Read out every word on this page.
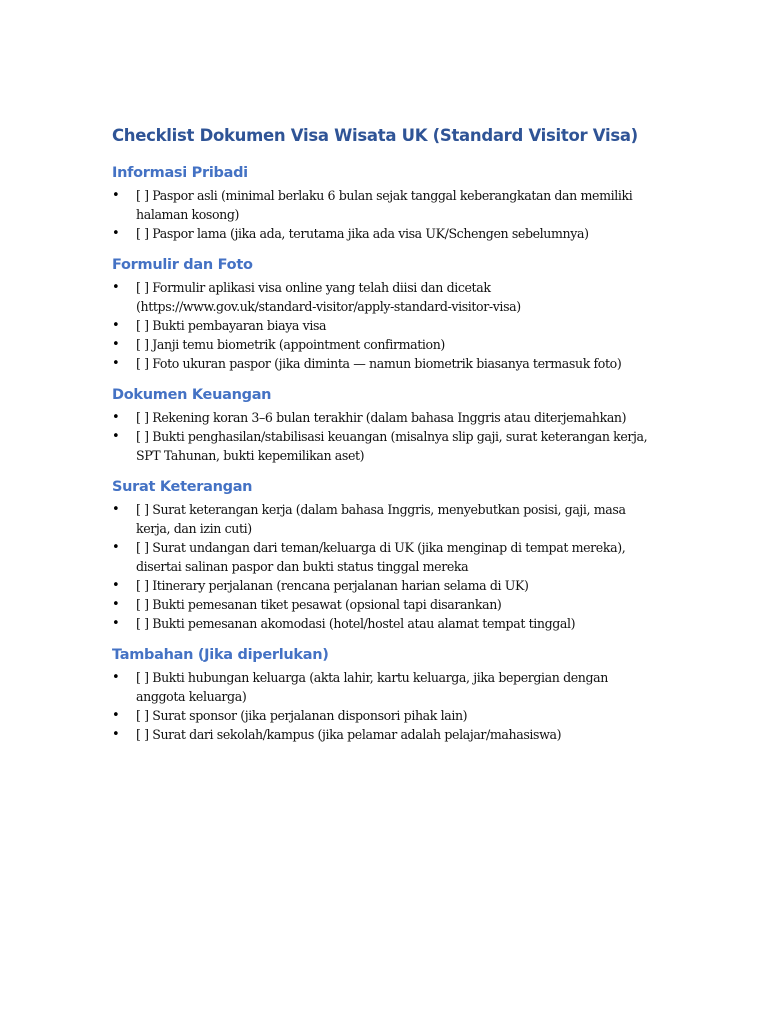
Checklist Dokumen Visa Wisata UK (Standard Visitor Visa)
Informasi Pribadi
• [ ] Paspor asli (minimal berlaku 6 bulan sejak tanggal keberangkatan dan memiliki halaman kosong)
• [ ] Paspor lama (jika ada, terutama jika ada visa UK/Schengen sebelumnya)
Formulir dan Foto
• [ ] Formulir aplikasi visa online yang telah diisi dan dicetak (https://www.gov.uk/standard-visitor/apply-standard-visitor-visa)
• [ ] Bukti pembayaran biaya visa
• [ ] Janji temu biometrik (appointment confirmation)
• [ ] Foto ukuran paspor (jika diminta — namun biometrik biasanya termasuk foto)
Dokumen Keuangan
• [ ] Rekening koran 3–6 bulan terakhir (dalam bahasa Inggris atau diterjemahkan)
• [ ] Bukti penghasilan/stabilisasi keuangan (misalnya slip gaji, surat keterangan kerja, SPT Tahunan, bukti kepemilikan aset)
Surat Keterangan
• [ ] Surat keterangan kerja (dalam bahasa Inggris, menyebutkan posisi, gaji, masa kerja, dan izin cuti)
• [ ] Surat undangan dari teman/keluarga di UK (jika menginap di tempat mereka), disertai salinan paspor dan bukti status tinggal mereka
• [ ] Itinerary perjalanan (rencana perjalanan harian selama di UK)
• [ ] Bukti pemesanan tiket pesawat (opsional tapi disarankan)
• [ ] Bukti pemesanan akomodasi (hotel/hostel atau alamat tempat tinggal)
Tambahan (Jika diperlukan)
• [ ] Bukti hubungan keluarga (akta lahir, kartu keluarga, jika bepergian dengan anggota keluarga)
• [ ] Surat sponsor (jika perjalanan disponsori pihak lain)
• [ ] Surat dari sekolah/kampus (jika pelamar adalah pelajar/mahasiswa)
